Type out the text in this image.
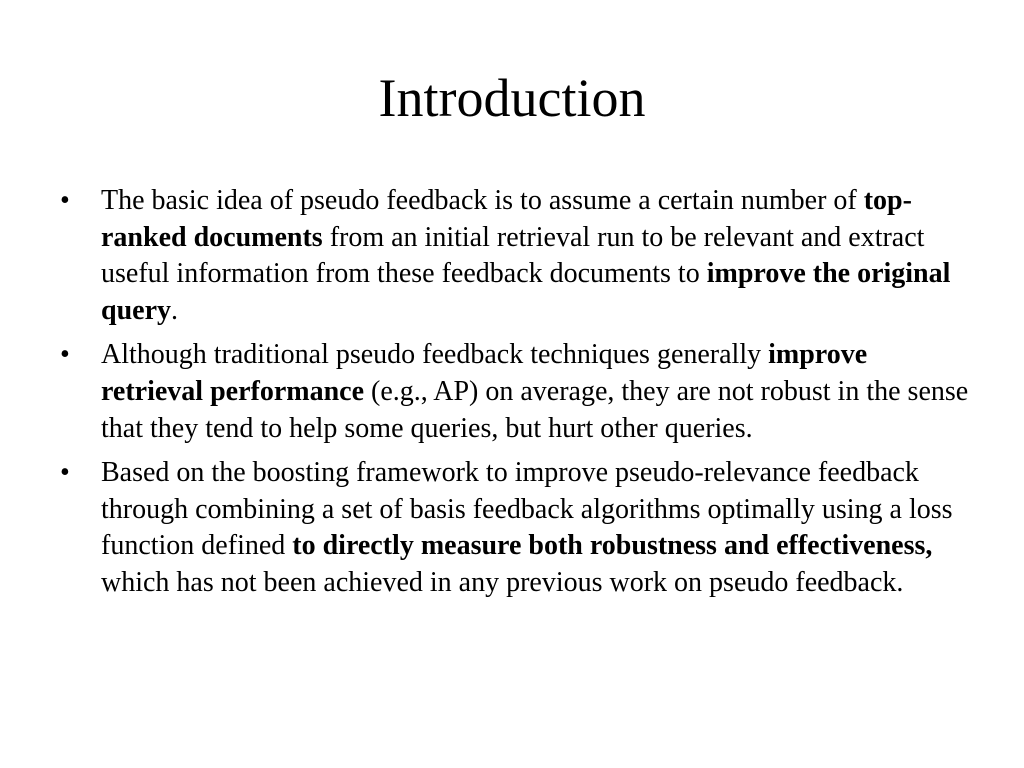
Introduction
•	The basic idea of pseudo feedback is to assume a certain number of top-ranked documents from an initial retrieval run to be relevant and extract useful information from these feedback documents to improve the original query.
•	Although traditional pseudo feedback techniques generally improve retrieval performance (e.g., AP) on average, they are not robust in the sense that they tend to help some queries, but hurt other queries.
•	Based on the boosting framework to improve pseudo-relevance feedback through combining a set of basis feedback algorithms optimally using a loss function defined to directly measure both robustness and effectiveness, which has not been achieved in any previous work on pseudo feedback.
